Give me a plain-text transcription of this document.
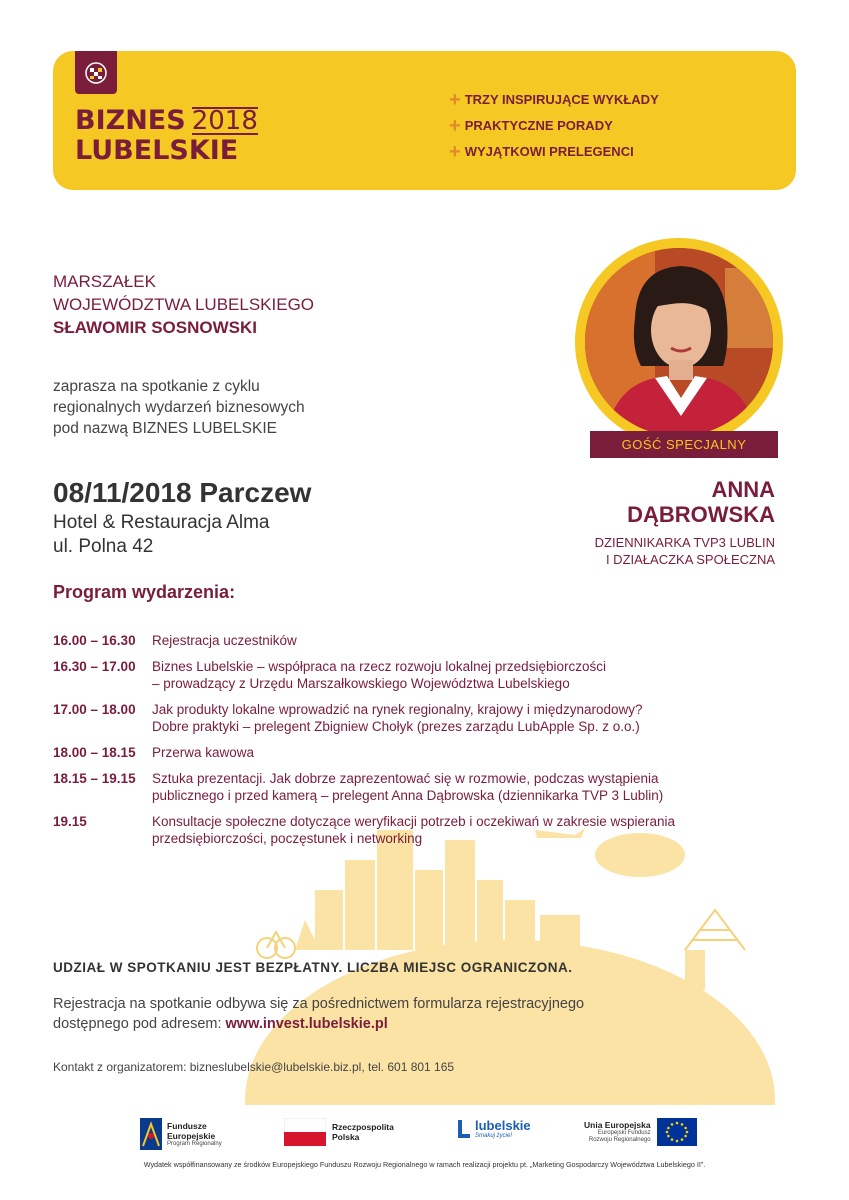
BIZNES 2018
LUBELSKIE
+ TRZY INSPIRUJĄCE WYKŁADY
+ PRAKTYCZNE PORADY
+ WYJĄTKOWI PRELEGENCI
MARSZAŁEK
WOJEWÓDZTWA LUBELSKIEGO
SŁAWOMIR SOSNOWSKI
zaprasza na spotkanie z cyklu
regionalnych wydarzeń biznesowych
pod nazwą BIZNES LUBELSKIE
08/11/2018 Parczew
Hotel & Restauracja Alma
ul. Polna 42
GOŚĆ SPECJALNY
ANNA
DĄBROWSKA
DZIENNIKARKA TVP3 LUBLIN
I DZIAŁACZKA SPOŁECZNA
Program wydarzenia:
16.00 – 16.30	Rejestracja uczestników
16.30 – 17.00	Biznes Lubelskie – współpraca na rzecz rozwoju lokalnej przedsiębiorczości
– prowadzący z Urzędu Marszałkowskiego Województwa Lubelskiego
17.00 – 18.00	Jak produkty lokalne wprowadzić na rynek regionalny, krajowy i międzynarodowy?
Dobre praktyki – prelegent Zbigniew Chołyk (prezes zarządu LubApple Sp. z o.o.)
18.00 – 18.15	Przerwa kawowa
18.15 – 19.15	Sztuka prezentacji. Jak dobrze zaprezentować się w rozmowie, podczas wystąpienia
publicznego i przed kamerą – prelegent Anna Dąbrowska (dziennikarka TVP 3 Lublin)
19.15	Konsultacje społeczne dotyczące weryfikacji potrzeb i oczekiwań w zakresie wspierania
przedsiębiorczości, poczęstunek i networking
UDZIAŁ W SPOTKANIU JEST BEZPŁATNY. LICZBA MIEJSC OGRANICZONA.
Rejestracja na spotkanie odbywa się za pośrednictwem formularza rejestracyjnego
dostępnego pod adresem: www.invest.lubelskie.pl
Kontakt z organizatorem: bizneslubelskie@lubelskie.biz.pl, tel. 601 801 165
Fundusze
Europejskie
Program Regionalny
Rzeczpospolita
Polska
lubelskie
Smakuj życie!
Unia Europejska
Europejski Fundusz
Rozwoju Regionalnego
Wydatek współfinansowany ze środków Europejskiego Funduszu Rozwoju Regionalnego w ramach realizacji projektu pt. „Marketing Gospodarczy Województwa Lubelskiego II”.
